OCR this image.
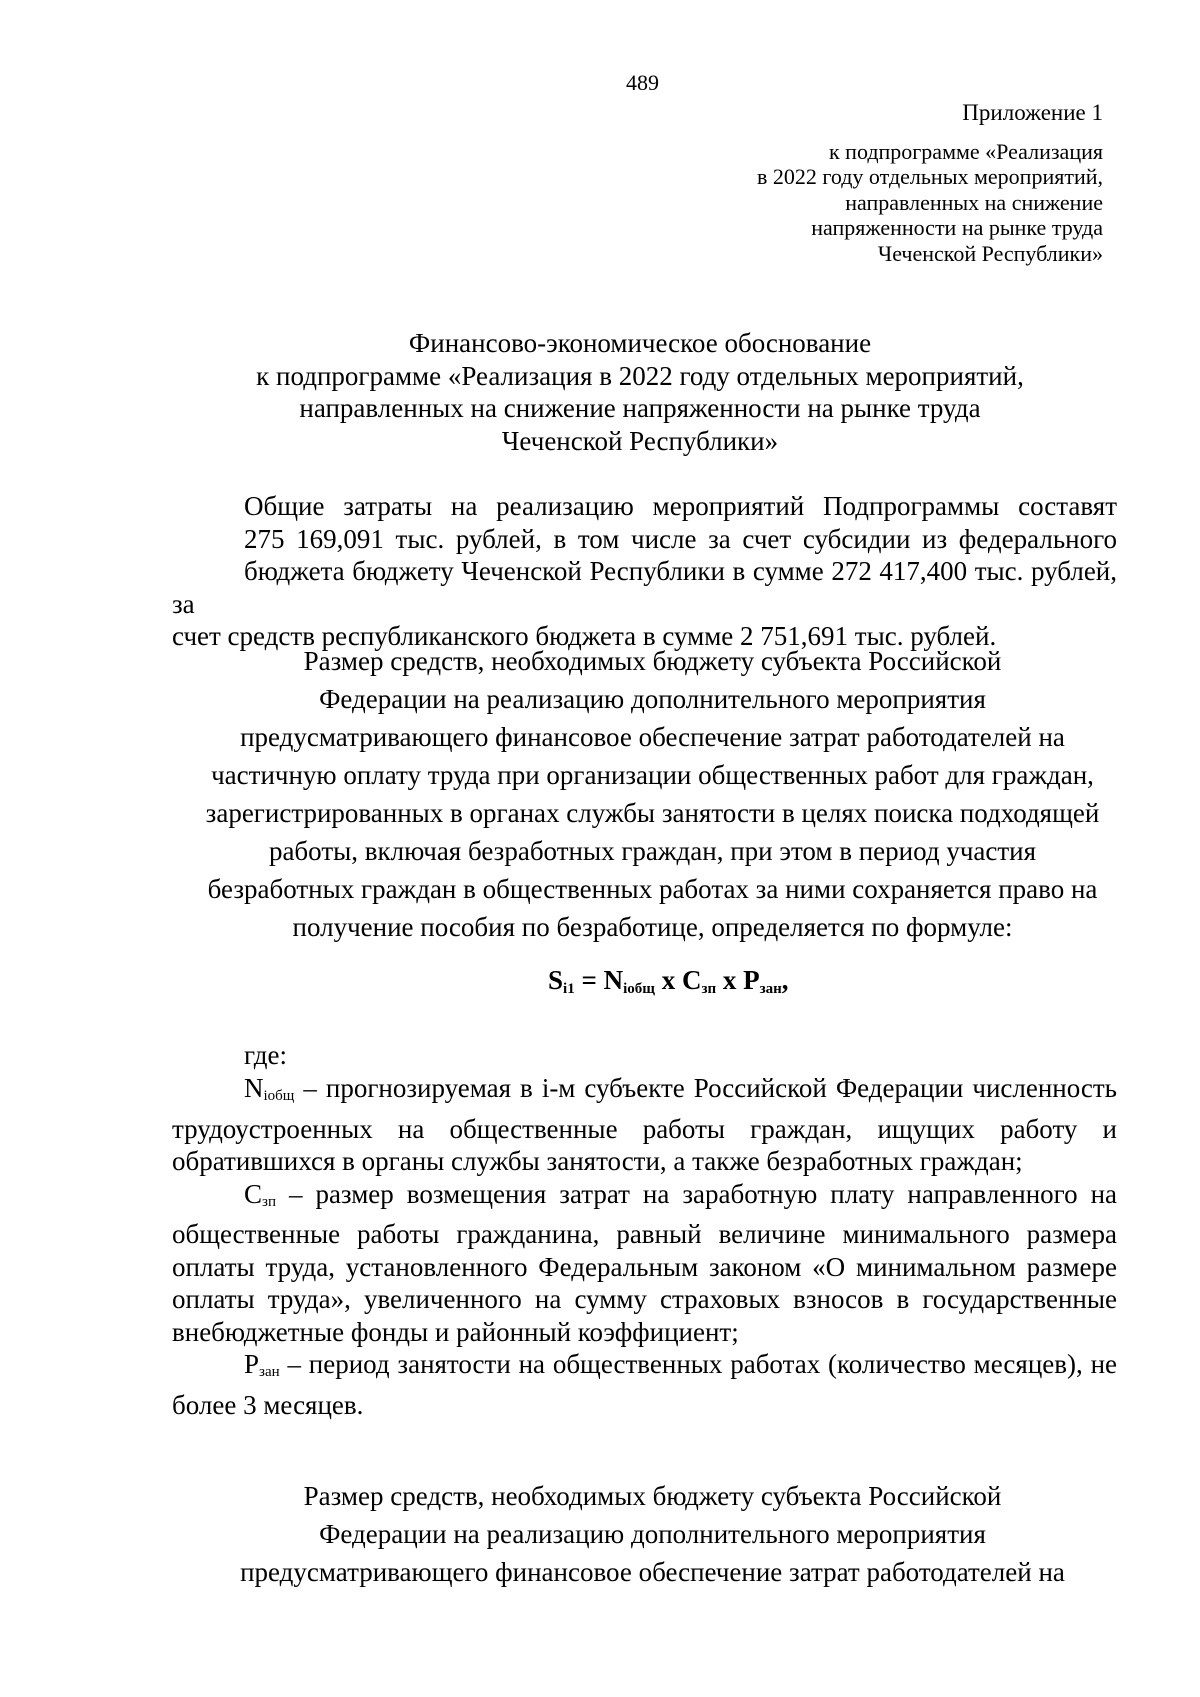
489
Приложение 1
к подпрограмме «Реализация
в 2022 году отдельных мероприятий,
направленных на снижение
напряженности на рынке труда
Чеченской Республики»
Финансово-экономическое обоснование
к подпрограмме «Реализация в 2022 году отдельных мероприятий,
направленных на снижение напряженности на рынке труда
Чеченской Республики»
Общие затраты на реализацию мероприятий Подпрограммы составят
275 169,091 тыс. рублей, в том числе за счет субсидии из федерального
бюджета бюджету Чеченской Республики в сумме 272 417,400 тыс. рублей, за
счет средств республиканского бюджета в сумме 2 751,691 тыс. рублей.
Размер средств, необходимых бюджету субъекта Российской
Федерации на реализацию дополнительного мероприятия
предусматривающего финансовое обеспечение затрат работодателей на
частичную оплату труда при организации общественных работ для граждан,
зарегистрированных в органах службы занятости в целях поиска подходящей
работы, включая безработных граждан, при этом в период участия
безработных граждан в общественных работах за ними сохраняется право на
получение пособия по безработице, определяется по формуле:
$S_{i1} = N_{iобщ}$ x $C_{зп}$ x $P_{зан}$,
где:

$N_{iобщ}$ – прогнозируемая в i-м субъекте Российской Федерации численность трудоустроенных на общественные работы граждан, ищущих работу и обратившихся в органы службы занятости, а также безработных граждан;

$C_{зп}$ – размер возмещения затрат на заработную плату направленного на общественные работы гражданина, равный величине минимального размера оплаты труда, установленного Федеральным законом «О минимальном размере оплаты труда», увеличенного на сумму страховых взносов в государственные внебюджетные фонды и районный коэффициент;

$P_{зан}$ – период занятости на общественных работах (количество месяцев), не более 3 месяцев.

Размер средств, необходимых бюджету субъекта Российской
Федерации на реализацию дополнительного мероприятия
предусматривающего финансовое обеспечение затрат работодателей на
